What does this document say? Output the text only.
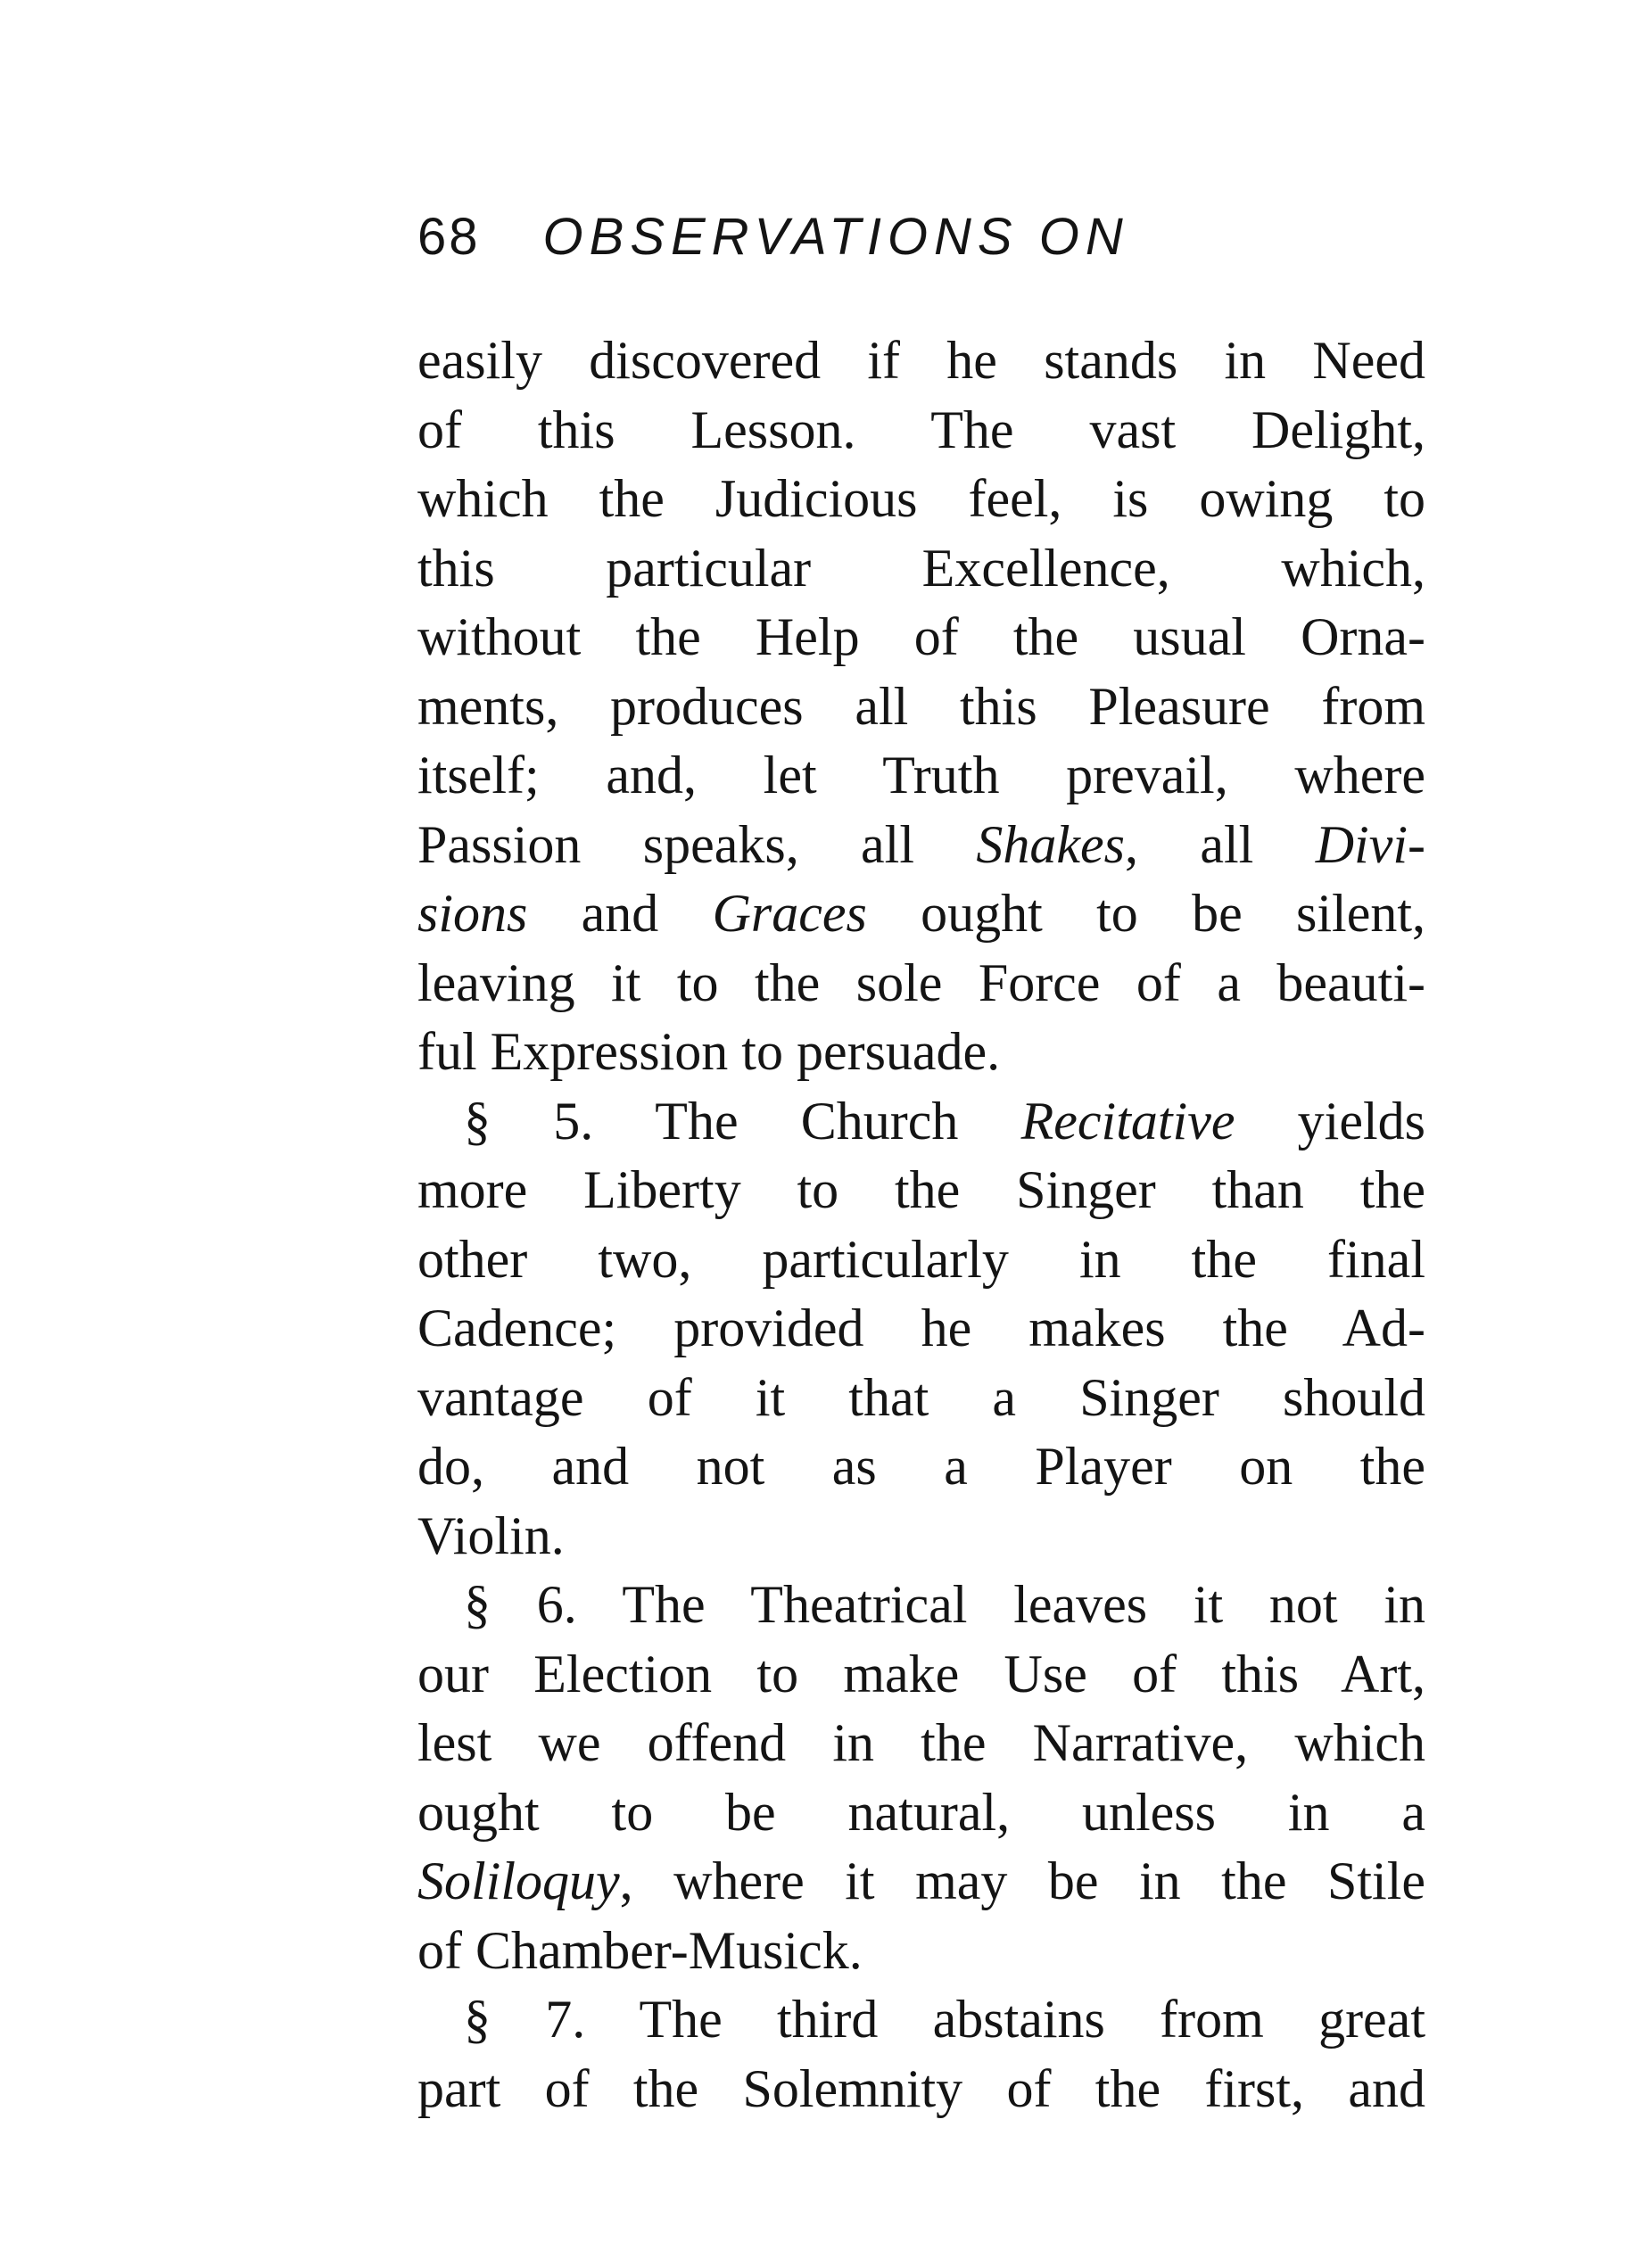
68 OBSERVATIONS ON
easily discovered if he stands in Need
of this Lesson. The vast Delight,
which the Judicious feel, is owing to
this particular Excellence, which,
without the Help of the usual Orna-
ments, produces all this Pleasure from
itself; and, let Truth prevail, where
Passion speaks, all Shakes, all Divi-
sions and Graces ought to be silent,
leaving it to the sole Force of a beauti-
ful Expression to persuade.
§ 5. The Church Recitative yields
more Liberty to the Singer than the
other two, particularly in the final
Cadence; provided he makes the Ad-
vantage of it that a Singer should
do, and not as a Player on the
Violin.
§ 6. The Theatrical leaves it not in
our Election to make Use of this Art,
lest we offend in the Narrative, which
ought to be natural, unless in a
Soliloquy, where it may be in the Stile
of Chamber-Musick.
§ 7. The third abstains from great
part of the Solemnity of the first, and
